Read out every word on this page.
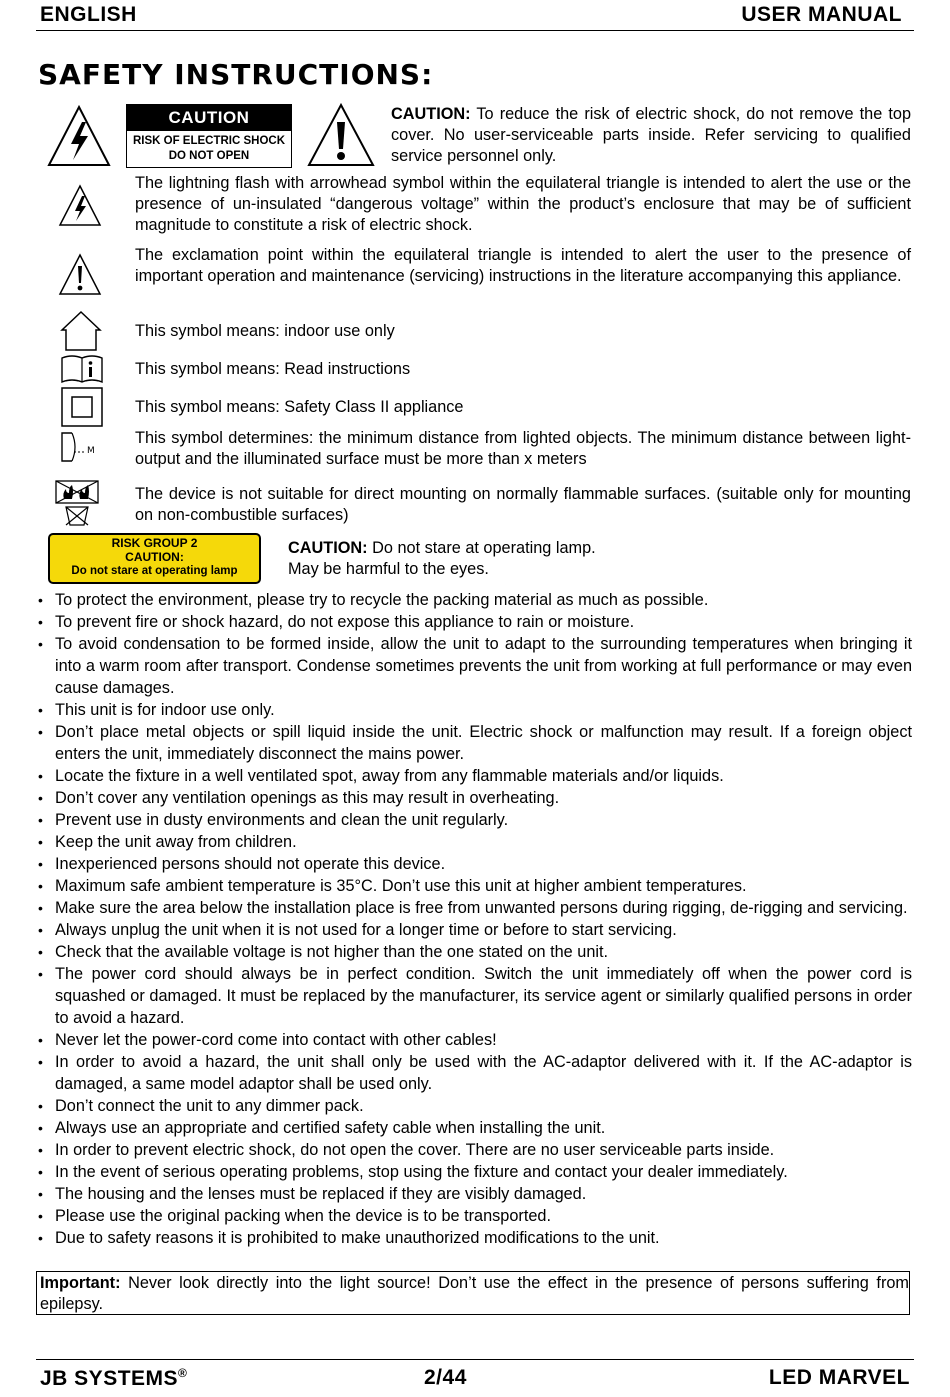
ENGLISH	USER MANUAL
SAFETY INSTRUCTIONS:
CAUTION
RISK OF ELECTRIC SHOCK
DO NOT OPEN
CAUTION: To reduce the risk of electric shock, do not remove the top cover. No user-serviceable parts inside. Refer servicing to qualified service personnel only.
The lightning flash with arrowhead symbol within the equilateral triangle is intended to alert the use or the presence of un-insulated “dangerous voltage” within the product’s enclosure that may be of sufficient magnitude to constitute a risk of electric shock.
The exclamation point within the equilateral triangle is intended to alert the user to the presence of important operation and maintenance (servicing) instructions in the literature accompanying this appliance.
This symbol means: indoor use only
This symbol means: Read instructions
This symbol means: Safety Class II appliance
M
This symbol determines: the minimum distance from lighted objects. The minimum distance between light-output and the illuminated surface must be more than x meters
The device is not suitable for direct mounting on normally flammable surfaces. (suitable only for mounting on non-combustible surfaces)
RISK GROUP 2
CAUTION:
Do not stare at operating lamp
CAUTION: Do not stare at operating lamp.
May be harmful to the eyes.
• To protect the environment, please try to recycle the packing material as much as possible.
• To prevent fire or shock hazard, do not expose this appliance to rain or moisture.
• To avoid condensation to be formed inside, allow the unit to adapt to the surrounding temperatures when bringing it into a warm room after transport. Condense sometimes prevents the unit from working at full performance or may even cause damages.
• This unit is for indoor use only.
• Don’t place metal objects or spill liquid inside the unit. Electric shock or malfunction may result. If a foreign object enters the unit, immediately disconnect the mains power.
• Locate the fixture in a well ventilated spot, away from any flammable materials and/or liquids.
• Don’t cover any ventilation openings as this may result in overheating.
• Prevent use in dusty environments and clean the unit regularly.
• Keep the unit away from children.
• Inexperienced persons should not operate this device.
• Maximum safe ambient temperature is 35°C. Don’t use this unit at higher ambient temperatures.
• Make sure the area below the installation place is free from unwanted persons during rigging, de-rigging and servicing.
• Always unplug the unit when it is not used for a longer time or before to start servicing.
• Check that the available voltage is not higher than the one stated on the unit.
• The power cord should always be in perfect condition. Switch the unit immediately off when the power cord is squashed or damaged. It must be replaced by the manufacturer, its service agent or similarly qualified persons in order to avoid a hazard.
• Never let the power-cord come into contact with other cables!
• In order to avoid a hazard, the unit shall only be used with the AC-adaptor delivered with it. If the AC-adaptor is damaged, a same model adaptor shall be used only.
• Don’t connect the unit to any dimmer pack.
• Always use an appropriate and certified safety cable when installing the unit.
• In order to prevent electric shock, do not open the cover. There are no user serviceable parts inside.
• In the event of serious operating problems, stop using the fixture and contact your dealer immediately.
• The housing and the lenses must be replaced if they are visibly damaged.
• Please use the original packing when the device is to be transported.
• Due to safety reasons it is prohibited to make unauthorized modifications to the unit.
Important: Never look directly into the light source! Don’t use the effect in the presence of persons suffering from epilepsy.
JB SYSTEMS®	2/44	LED MARVEL
